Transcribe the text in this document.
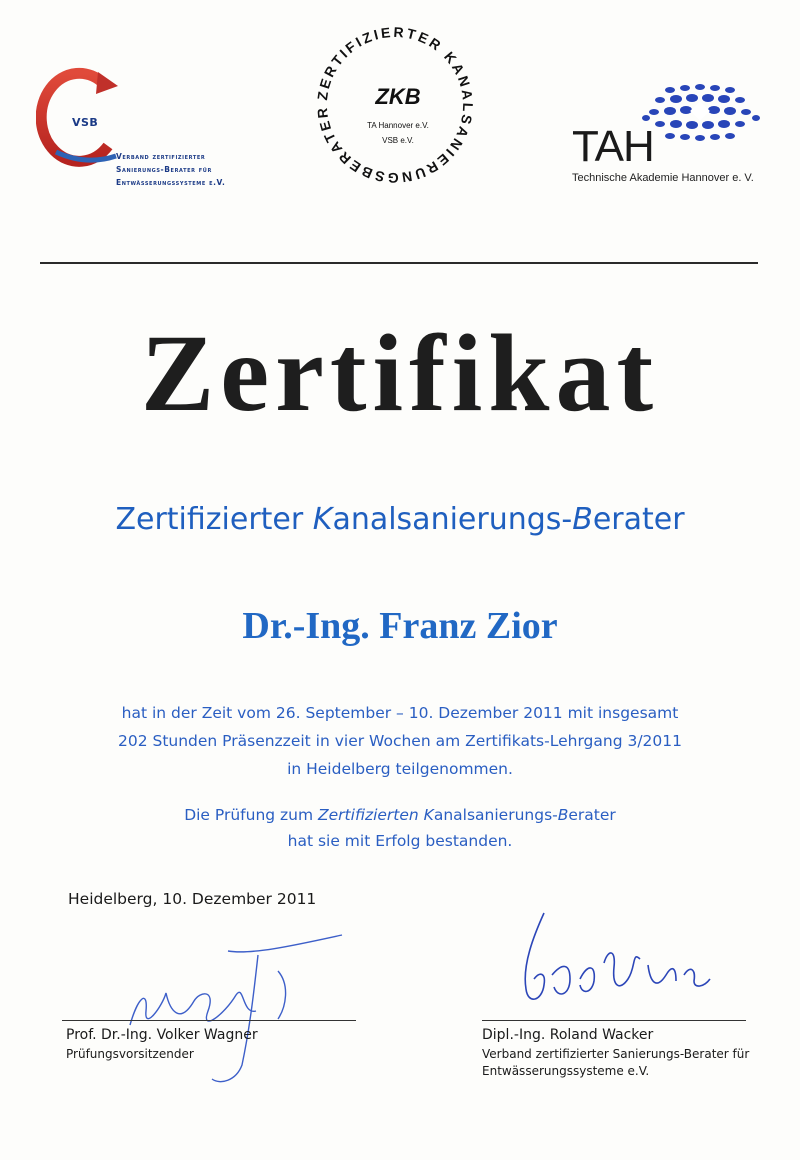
VSB
Verband zertifizierter
Sanierungs-Berater für
Entwässerungssysteme e.V.
ZERTIFIZIERTER KANALSANIERUNGSBERATER
ZKB
TA Hannover e.V.
VSB e.V.	TAH
Technische Akademie Hannover e. V.
Zertifikat
Zertifizierter Kanalsanierungs-Berater
Dr.-Ing. Franz Zior
hat in der Zeit vom 26. September – 10. Dezember 2011 mit insgesamt
202 Stunden Präsenzzeit in vier Wochen am Zertifikats-Lehrgang 3/2011
in Heidelberg teilgenommen.
Die Prüfung zum Zertifizierten Kanalsanierungs-Berater
hat sie mit Erfolg bestanden.
Heidelberg, 10. Dezember 2011
Prof. Dr.-Ing. Volker Wagner
Prüfungsvorsitzender
Dipl.-Ing. Roland Wacker
Verband zertifizierter Sanierungs-Berater für
Entwässerungssysteme e.V.
